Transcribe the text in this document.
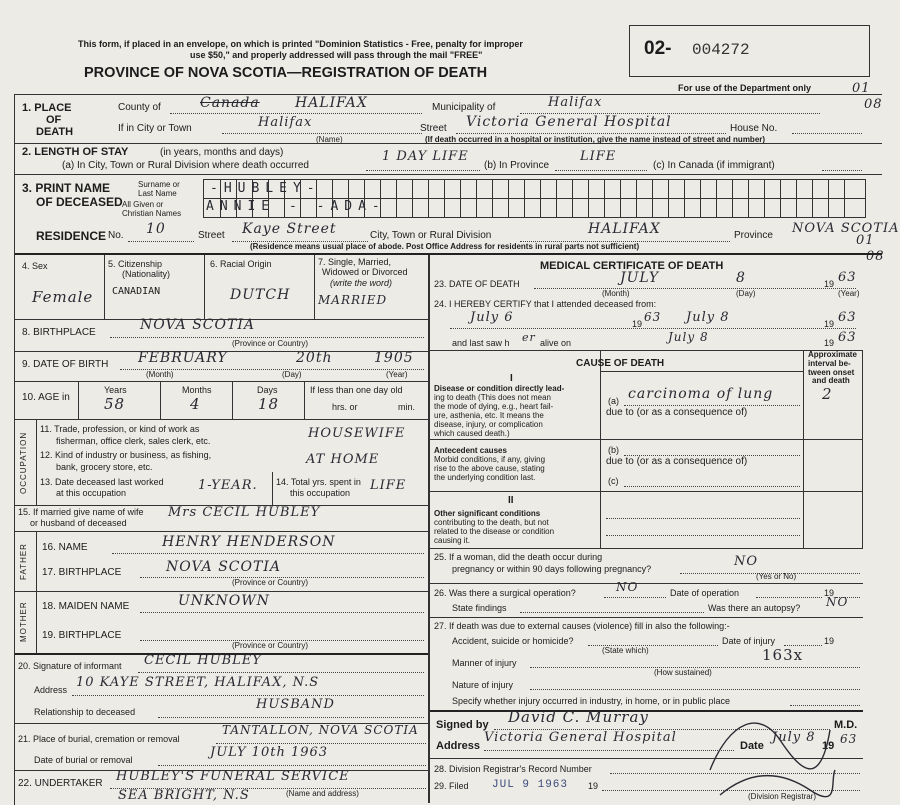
This form, if placed in an envelope, on which is printed "Dominion Statistics - Free, penalty for improper
use $50," and properly addressed will pass through the mail "FREE"
PROVINCE OF NOVA SCOTIA—REGISTRATION OF DEATH
02- 004272
For use of the Department only	01
08
1. PLACE
OF
DEATH
County of	Canada	HALIFAX	Municipality of	Halifax
If in City or Town	Halifax
(Name)
Street Victoria General Hospital	House No.
(If death occurred in a hospital or institution, give the name instead of street and number)
2. LENGTH OF STAY	(in years, months and days)
(a) In City, Town or Rural Division where death occurred
1 DAY LIFE
(b) In Province
LIFE
(c) In Canada (if immigrant)
3. PRINT NAME
OF DECEASED
Surname or
Last Name
All Given or
Christian Names
-HUBLEY-
ANNIE - -ADA-
RESIDENCE No. 10	Street Kaye Street	City, Town or Rural Division	HALIFAX	Province NOVA SCOTIA
(Residence means usual place of abode. Post Office Address for residents in rural parts not sufficient)	01
08
4. Sex
Female
5. Citizenship
(Nationality)
CANADIAN
6. Racial Origin
DUTCH
7. Single, Married,
Widowed or Divorced
(write the word)
MARRIED
8. BIRTHPLACE	NOVA SCOTIA
(Province or Country)
9. DATE OF BIRTH FEBRUARY	20th	1905
(Month)	(Day)	(Year)
10. AGE in
Years	Months	Days
58	4	18
If less than one day old
hrs. or	min.
OCCUPATION
11. Trade, profession, or kind of work as
fisherman, office clerk, sales clerk, etc.	HOUSEWIFE
12. Kind of industry or business, as fishing,
bank, grocery store, etc.	AT HOME
13. Date deceased last worked
at this occupation	1-YEAR. 14. Total yrs. spent in
this occupation LIFE
15. If married give name of wife
or husband of deceased
Mrs CECIL HUBLEY
FATHER 16. NAME	HENRY HENDERSON
17. BIRTHPLACE	NOVA SCOTIA
(Province or Country)
MOTHER 18. MAIDEN NAME	UNKNOWN
19. BIRTHPLACE
(Province or Country)
20. Signature of informant CECIL HUBLEY
Address 10 KAYE STREET, HALIFAX, N.S
Relationship to deceased	HUSBAND
21. Place of burial, cremation or removal
TANTALLON, NOVA SCOTIA
Date of burial or removal	JULY 10th 1963
22. UNDERTAKER HUBLEY'S FUNERAL SERVICE
SEA BRIGHT, N.S	(Name and address)
MEDICAL CERTIFICATE OF DEATH
23. DATE OF DEATH	JULY	8	19 63
(Month)	(Day)	(Year)
24. I HEREBY CERTIFY that I attended deceased from:
July 6	19 63 July 8	19 63
and last saw h er alive on	July 8	19 63
CAUSE OF DEATH
Approximate
interval be-
tween onset
and death
I
Disease or condition directly lead-
ing to death (This does not mean
the mode of dying, e.g., heart fail-
ure, asthenia, etc. It means the
disease, injury, or complication
which caused death.)
(a) carcinoma of lung	2
due to (or as a consequence of)
Antecedent causes
Morbid conditions, if any, giving
rise to the above cause, stating
the underlying condition last.
(b)
due to (or as a consequence of)
(c)
II
Other significant conditions
contributing to the death, but not
related to the disease or condition
causing it.
25. If a woman, did the death occur during
pregnancy or within 90 days following pregnancy?	NO
(Yes or No)
26. Was there a surgical operation?	NO	Date of operation	19
State findings	Was there an autopsy? NO
27. If death was due to external causes (violence) fill in also the following:-
Accident, suicide or homicide?	Date of injury	19
(State which)
Manner of injury	163x
(How sustained)
Nature of injury
Specify whether injury occurred in industry, in home, or in public place
Signed by David C. Murray	M.D.
Address
Victoria General Hospital
Date
July 8
19 63
28. Division Registrar's Record Number
29. Filed JUL 9 1963 19
(Division Registrar)
